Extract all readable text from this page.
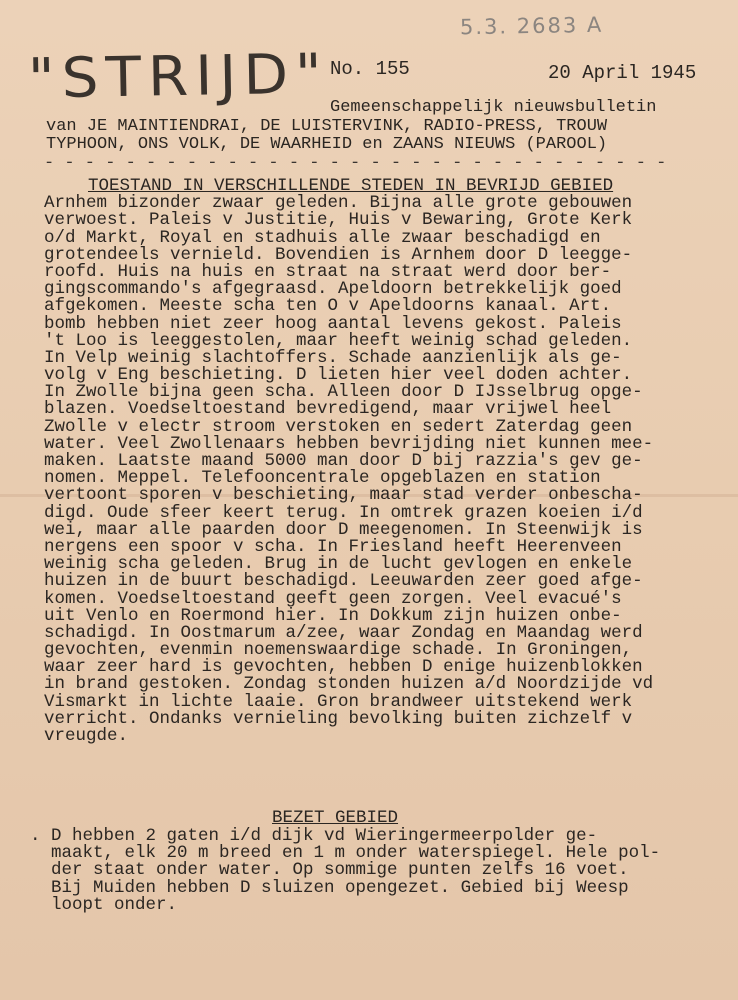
5.3. 2683 A
"STRIJD" No. 155	20 April 1945
Gemeenschappelijk nieuwsbulletin
van JE MAINTIENDRAI, DE LUISTERVINK, RADIO-PRESS, TROUW
TYPHOON, ONS VOLK, DE WAARHEID en ZAANS NIEUWS (PAROOL)
- - - - - - - - - - - - - - - - - - - - - - - - - - - - - - -
TOESTAND IN VERSCHILLENDE STEDEN IN BEVRIJD GEBIED
Arnhem bizonder zwaar geleden. Bijna alle grote gebouwen
verwoest. Paleis v Justitie, Huis v Bewaring, Grote Kerk
o/d Markt, Royal en stadhuis alle zwaar beschadigd en
grotendeels vernield. Bovendien is Arnhem door D leegge-
roofd. Huis na huis en straat na straat werd door ber-
gingscommando's afgegraasd. Apeldoorn betrekkelijk goed
afgekomen. Meeste scha ten O v Apeldoorns kanaal. Art.
bomb hebben niet zeer hoog aantal levens gekost. Paleis
't Loo is leeggestolen, maar heeft weinig schad geleden.
In Velp weinig slachtoffers. Schade aanzienlijk als ge-
volg v Eng beschieting. D lieten hier veel doden achter.
In Zwolle bijna geen scha. Alleen door D IJsselbrug opge-
blazen. Voedseltoestand bevredigend, maar vrijwel heel
Zwolle v electr stroom verstoken en sedert Zaterdag geen
water. Veel Zwollenaars hebben bevrijding niet kunnen mee-
maken. Laatste maand 5000 man door D bij razzia's gev ge-
nomen. Meppel. Telefooncentrale opgeblazen en station
vertoont sporen v beschieting, maar stad verder onbescha-
digd. Oude sfeer keert terug. In omtrek grazen koeien i/d
wei, maar alle paarden door D meegenomen. In Steenwijk is
nergens een spoor v scha. In Friesland heeft Heerenveen
weinig scha geleden. Brug in de lucht gevlogen en enkele
huizen in de buurt beschadigd. Leeuwarden zeer goed afge-
komen. Voedseltoestand geeft geen zorgen. Veel evacué's
uit Venlo en Roermond hier. In Dokkum zijn huizen onbe-
schadigd. In Oostmarum a/zee, waar Zondag en Maandag werd
gevochten, evenmin noemenswaardige schade. In Groningen,
waar zeer hard is gevochten, hebben D enige huizenblokken
in brand gestoken. Zondag stonden huizen a/d Noordzijde vd
Vismarkt in lichte laaie. Gron brandweer uitstekend werk
verricht. Ondanks vernieling bevolking buiten zichzelf v
vreugde.
BEZET GEBIED
. D hebben 2 gaten i/d dijk vd Wieringermeerpolder ge-
maakt, elk 20 m breed en 1 m onder waterspiegel. Hele pol-
der staat onder water. Op sommige punten zelfs 16 voet.
Bij Muiden hebben D sluizen opengezet. Gebied bij Weesp
loopt onder.
